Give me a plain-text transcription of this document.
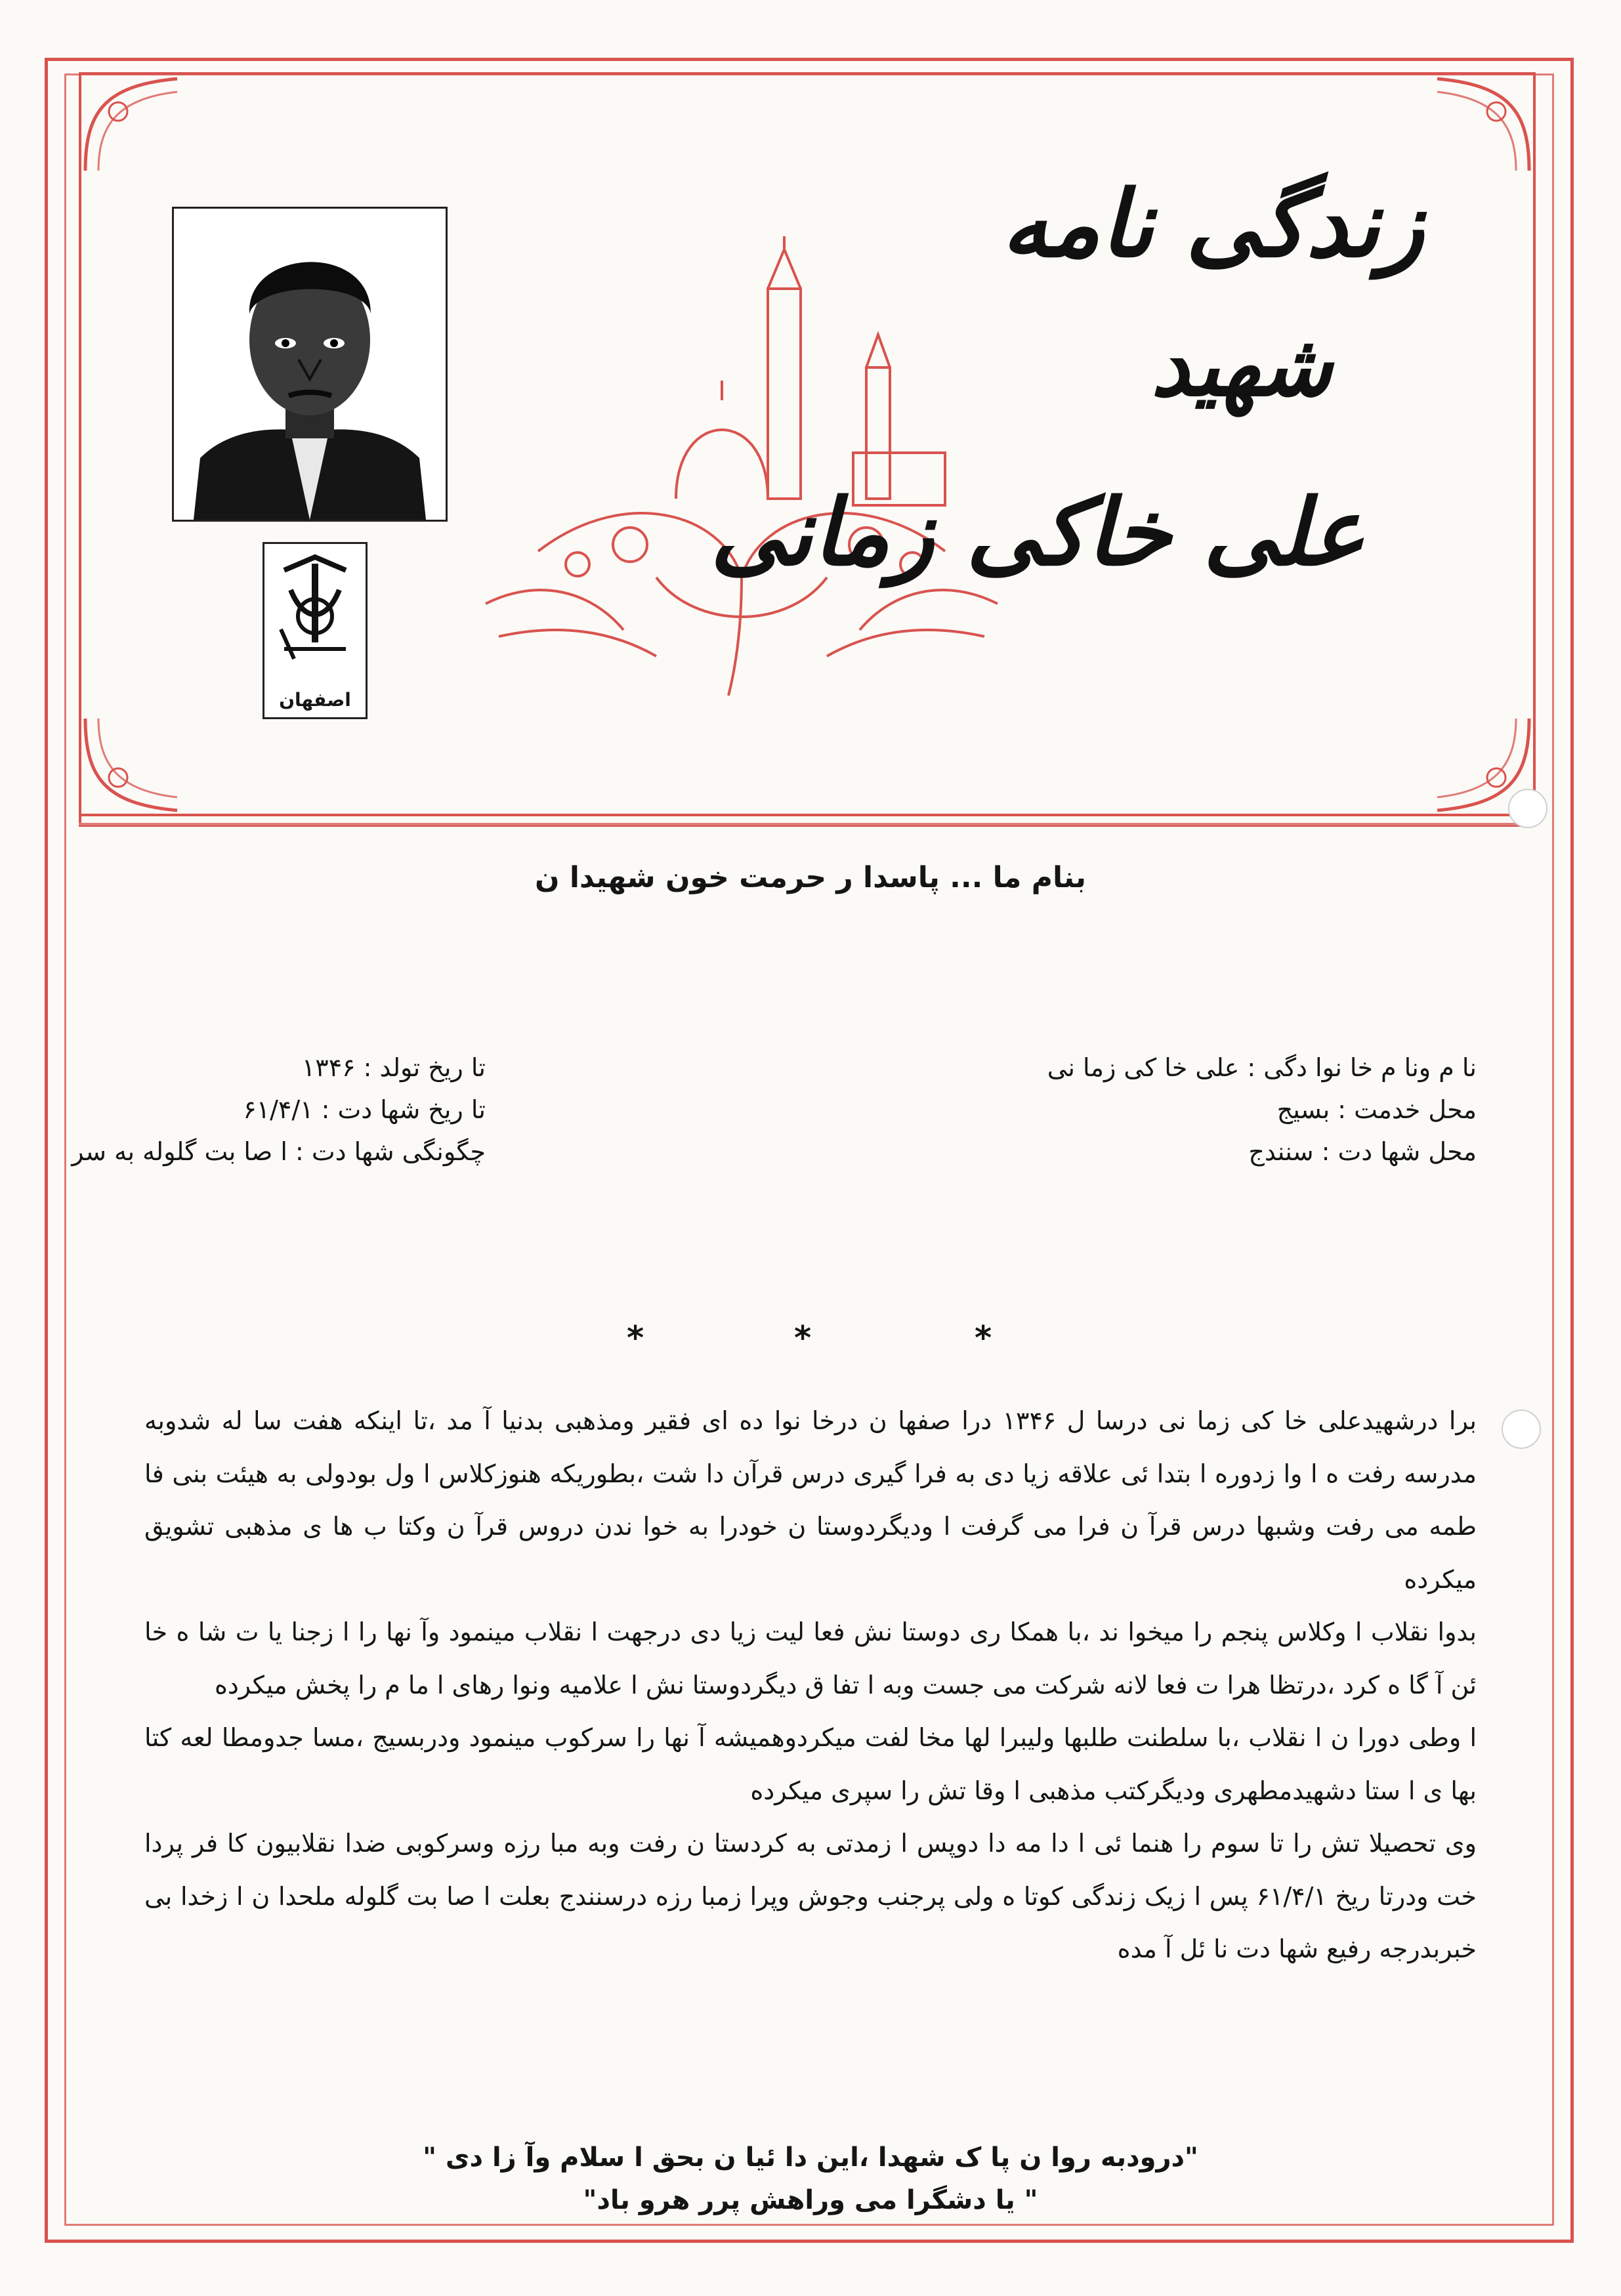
اصفهان
زندگی نامه
شهید
علی خاکی زمانی
بنام ما ... پاسدا ر حرمت خون شهیدا ن
نا م ونا م خا نوا دگی : علی خا کی زما نی
محل خدمت : بسیج
محل شها دت : سنندج
تا ریخ تولد : ۱۳۴۶
تا ریخ شها دت : ۶۱/۴/۱
چگونگی شها دت : ا صا بت گلوله به سر
*	*	*

برا درشهیدعلی خا کی زما نی درسا ل ۱۳۴۶ درا صفها ن درخا نوا ده ای فقیر ومذهبی بدنیا آ مد ،تا اینکه هفت سا له شدوبه مدرسه رفت ه ا وا زدوره ا بتدا ئی علاقه زیا دی به فرا گیری درس قرآن دا شت ،بطوریکه هنوزکلاس ا ول بودولی به هیئت بنی فا طمه می رفت وشبها درس قرآ ن فرا می گرفت ا ودیگردوستا ن خودرا به خوا ندن دروس قرآ ن وکتا ب ها ی مذهبی تشویق میکرده

بدوا نقلاب ا وکلاس پنجم را میخوا ند ،با همکا ری دوستا نش فعا لیت زیا دی درجهت ا نقلاب مینمود وآ نها را ا زجنا یا ت شا ه خا ئن آ گا ه کرد ،درتظا هرا ت فعا لانه شرکت می جست وبه ا تفا ق دیگردوستا نش ا علامیه ونوا رهای ا ما م را پخش میکرده

ا وطی دورا ن ا نقلاب ،با سلطنت طلبها ولیبرا لها مخا لفت میکردوهمیشه آ نها را سرکوب مینمود ودربسیج ،مسا جدومطا لعه کتا بها ی ا ستا دشهیدمطهری ودیگرکتب مذهبی ا وقا تش را سپری میکرده

وی تحصیلا تش را تا سوم را هنما ئی ا دا مه دا دوپس ا زمدتی به کردستا ن رفت وبه مبا رزه وسرکوبی ضدا نقلابیون کا فر پردا خت ودرتا ریخ ۶۱/۴/۱ پس ا زیک زندگی کوتا ه ولی پرجنب وجوش وپرا زمبا رزه درسنندج بعلت ا صا بت گلوله ملحدا ن ا زخدا بی خبربدرجه رفیع شها دت نا ئل آ مده

"درودبه روا ن پا ک شهدا ،این دا ئیا ن بحق ا سلام وآ زا دی "
" یا دشگرا می وراهش پرر هرو باد"
